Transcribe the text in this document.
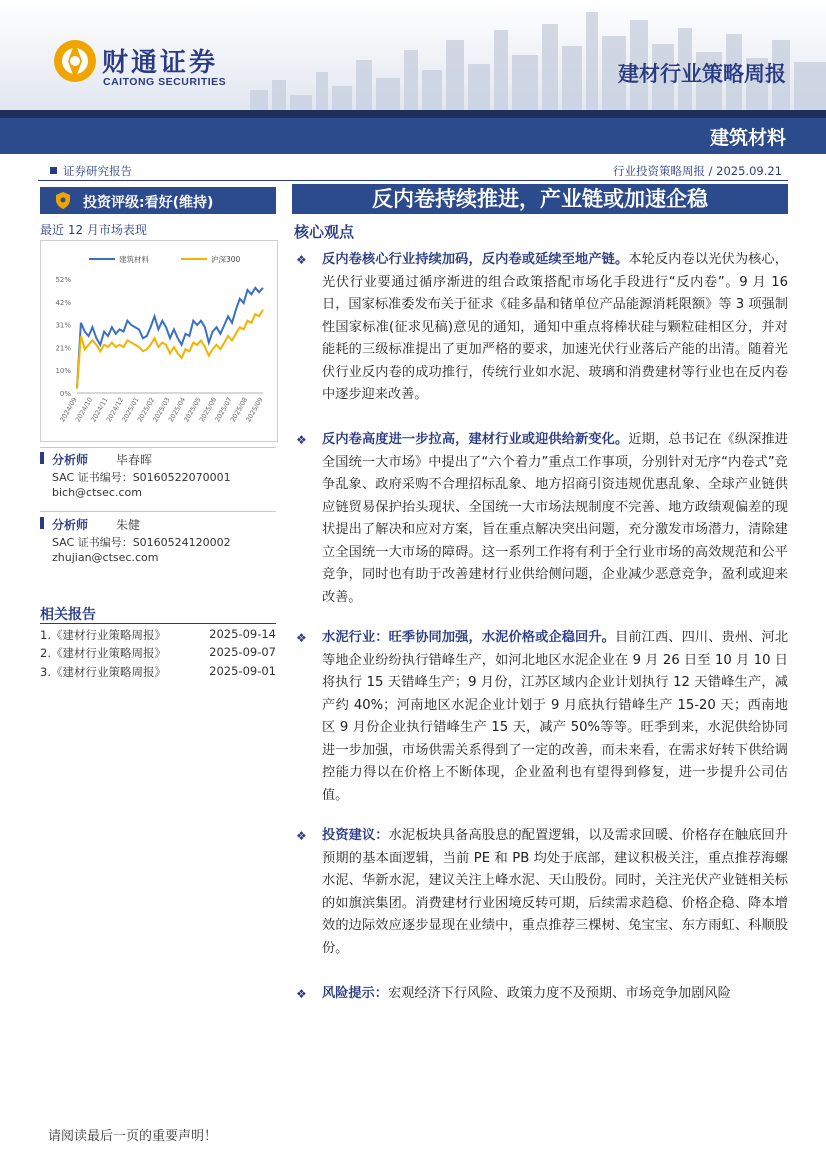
财通证券
CAITONG SECURITIES	建材行业策略周报
建筑材料
证券研究报告	行业投资策略周报 / 2025.09.21
投资评级:看好(维持)
最近 12 月市场表现
0%
10%
21%
31%
42%
52%
2024/09
2024/10
2024/11
2024/12
2025/01
2025/02
2025/03
2025/04
2025/05
2025/06
2025/07
2025/08
2025/09
建筑材料	沪深300
分析师 毕春晖
SAC 证书编号：S0160522070001
bich@ctsec.com
分析师 朱健
SAC 证书编号：S0160524120002
zhujian@ctsec.com
相关报告
1.《建材行业策略周报》	2025-09-14
2.《建材行业策略周报》	2025-09-07
3.《建材行业策略周报》	2025-09-01
反内卷持续推进，产业链或加速企稳
核心观点
❖ 反内卷核心行业持续加码，反内卷或延续至地产链。本轮反内卷以光伏为核心，光伏行业要通过循序渐进的组合政策搭配市场化手段进行“反内卷”。9 月 16 日，国家标准委发布关于征求《硅多晶和锗单位产品能源消耗限额》等 3 项强制性国家标准(征求见稿)意见的通知，通知中重点将棒状硅与颗粒硅相区分，并对能耗的三级标准提出了更加严格的要求，加速光伏行业落后产能的出清。随着光伏行业反内卷的成功推行，传统行业如水泥、玻璃和消费建材等行业也在反内卷中逐步迎来改善。
❖ 反内卷高度进一步拉高，建材行业或迎供给新变化。近期，总书记在《纵深推进全国统一大市场》中提出了“六个着力”重点工作事项，分别针对无序“内卷式”竞争乱象、政府采购不合理招标乱象、地方招商引资违规优惠乱象、全球产业链供应链贸易保护抬头现状、全国统一大市场法规制度不完善、地方政绩观偏差的现状提出了解决和应对方案，旨在重点解决突出问题，充分激发市场潜力，清除建立全国统一大市场的障碍。这一系列工作将有利于全行业市场的高效规范和公平竞争，同时也有助于改善建材行业供给侧问题，企业减少恶意竞争，盈利或迎来改善。
❖ 水泥行业：旺季协同加强，水泥价格或企稳回升。目前江西、四川、贵州、河北等地企业纷纷执行错峰生产，如河北地区水泥企业在 9 月 26 日至 10 月 10 日将执行 15 天错峰生产；9 月份，江苏区域内企业计划执行 12 天错峰生产，减产约 40%；河南地区水泥企业计划于 9 月底执行错峰生产 15-20 天；西南地区 9 月份企业执行错峰生产 15 天，减产 50%等等。旺季到来，水泥供给协同进一步加强，市场供需关系得到了一定的改善，而未来看，在需求好转下供给调控能力得以在价格上不断体现，企业盈利也有望得到修复，进一步提升公司估值。
❖ 投资建议：水泥板块具备高股息的配置逻辑，以及需求回暖、价格存在触底回升预期的基本面逻辑，当前 PE 和 PB 均处于底部，建议积极关注，重点推荐海螺水泥、华新水泥，建议关注上峰水泥、天山股份。同时，关注光伏产业链相关标的如旗滨集团。消费建材行业困境反转可期，后续需求趋稳、价格企稳、降本增效的边际效应逐步显现在业绩中，重点推荐三棵树、兔宝宝、东方雨虹、科顺股份。
❖ 风险提示：宏观经济下行风险、政策力度不及预期、市场竞争加剧风险
请阅读最后一页的重要声明！
